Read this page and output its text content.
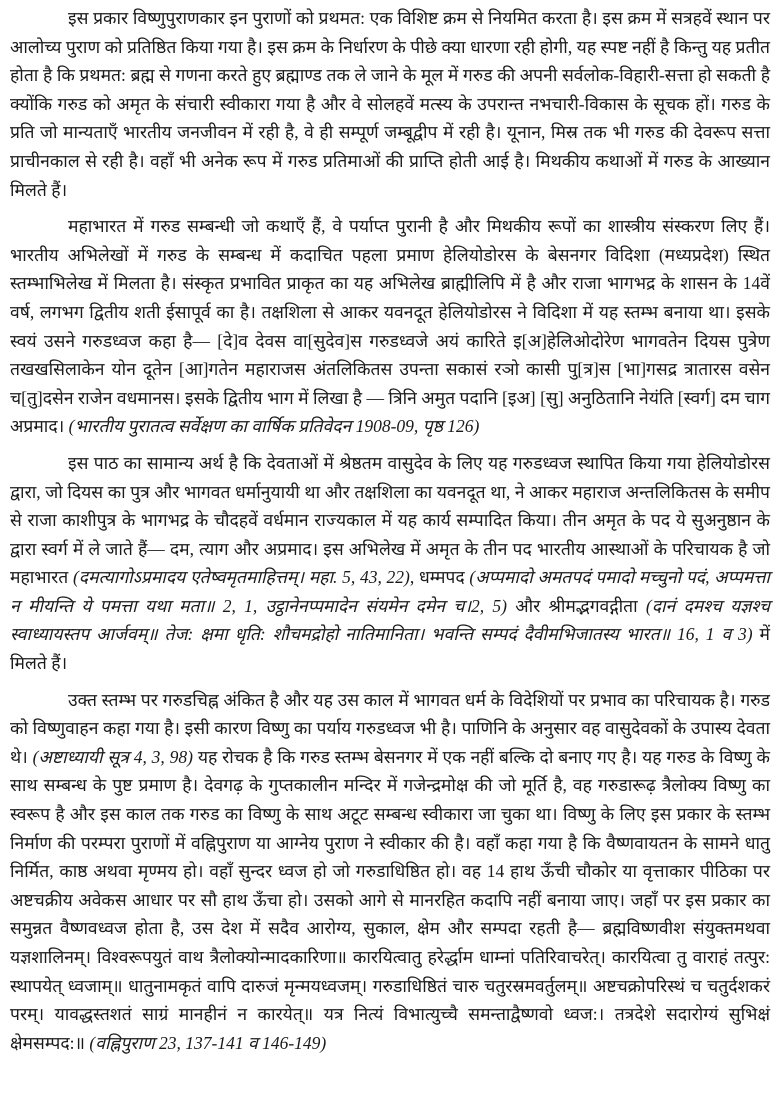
इस प्रकार विष्णुपुराणकार इन पुराणों को प्रथमत: एक विशिष्ट क्रम से नियमित करता है। इस क्रम में सत्रहवें स्थान पर आलोच्य पुराण को प्रतिष्ठित किया गया है। इस क्रम के निर्धारण के पीछे क्या धारणा रही होगी, यह स्पष्ट नहीं है किन्तु यह प्रतीत होता है कि प्रथमत: ब्रह्म से गणना करते हुए ब्रह्माण्ड तक ले जाने के मूल में गरुड की अपनी सर्वलोक-विहारी-सत्ता हो सकती है क्योंकि गरुड को अमृत के संचारी स्वीकारा गया है और वे सोलहवें मत्स्य के उपरान्त नभचारी-विकास के सूचक हों। गरुड के प्रति जो मान्यताएँ भारतीय जनजीवन में रही है, वे ही सम्पूर्ण जम्बूद्वीप में रही है। यूनान, मिस्र तक भी गरुड की देवरूप सत्ता प्राचीनकाल से रही है। वहाँ भी अनेक रूप में गरुड प्रतिमाओं की प्राप्ति होती आई है। मिथकीय कथाओं में गरुड के आख्यान मिलते हैं।

महाभारत में गरुड सम्बन्धी जो कथाएँ हैं, वे पर्याप्त पुरानी है और मिथकीय रूपों का शास्त्रीय संस्करण लिए हैं। भारतीय अभिलेखों में गरुड के सम्बन्ध में कदाचित पहला प्रमाण हेलियोडोरस के बेसनगर विदिशा (मध्यप्रदेश) स्थित स्तम्भाभिलेख में मिलता है। संस्कृत प्रभावित प्राकृत का यह अभिलेख ब्राह्मीलिपि में है और राजा भागभद्र के शासन के 14वें वर्ष, लगभग द्वितीय शती ईसापूर्व का है। तक्षशिला से आकर यवनदूत हेलियोडोरस ने विदिशा में यह स्तम्भ बनाया था। इसके स्वयं उसने गरुडध्वज कहा है— [दे]व देवस वा[सुदेव]स गरुडध्वजे अयं कारिते इ[अ]हेलिओदोरेण भागवतेन दियस पुत्रेण तखखसिलाकेन योन दूतेन [आ]गतेन महाराजस अंतलिकितस उपन्ता सकासं रञो कासी पु[त्र]स [भा]गसद्र त्रातारस वसेन च[तु]दसेन राजेन वधमानस। इसके द्वितीय भाग में लिखा है — त्रिनि अमुत पदानि [इअ] [सु] अनुठितानि नेयंति [स्वर्ग] दम चाग अप्रमाद। (भारतीय पुरातत्व सर्वेक्षण का वार्षिक प्रतिवेदन 1908-09, पृष्ठ 126)

इस पाठ का सामान्य अर्थ है कि देवताओं में श्रेष्ठतम वासुदेव के लिए यह गरुडध्वज स्थापित किया गया हेलियोडोरस द्वारा, जो दियस का पुत्र और भागवत धर्मानुयायी था और तक्षशिला का यवनदूत था, ने आकर महाराज अन्तलिकितस के समीप से राजा काशीपुत्र के भागभद्र के चौदहवें वर्धमान राज्यकाल में यह कार्य सम्पादित किया। तीन अमृत के पद ये सुअनुष्ठान के द्वारा स्वर्ग में ले जाते हैं— दम, त्याग और अप्रमाद। इस अभिलेख में अमृत के तीन पद भारतीय आस्थाओं के परिचायक है जो महाभारत (दमत्यागोऽप्रमादय एतेष्वमृतमाहित्तम्। महा. 5, 43, 22), धम्मपद (अप्पमादो अमतपदं पमादो मच्चुनो पदं, अप्पमत्ता न मीयन्ति ये पमत्ता यथा मता॥ 2, 1, उट्ठानेनप्पमादेन संयमेन दमेन च।2, 5) और श्रीमद्भगवद्गीता (दानं दमश्च यज्ञश्च स्वाध्यायस्तप आर्जवम्॥ तेज: क्षमा धृति: शौचमद्रोहो नातिमानिता। भवन्ति सम्पदं दैवीमभिजातस्य भारत॥ 16, 1 व 3) में मिलते हैं।

उक्त स्तम्भ पर गरुडचिह्न अंकित है और यह उस काल में भागवत धर्म के विदेशियों पर प्रभाव का परिचायक है। गरुड को विष्णुवाहन कहा गया है। इसी कारण विष्णु का पर्याय गरुडध्वज भी है। पाणिनि के अनुसार वह वासुदेवकों के उपास्य देवता थे। (अष्टाध्यायी सूत्र 4, 3, 98) यह रोचक है कि गरुड स्तम्भ बेसनगर में एक नहीं बल्कि दो बनाए गए है। यह गरुड के विष्णु के साथ सम्बन्ध के पुष्ट प्रमाण है। देवगढ़ के गुप्तकालीन मन्दिर में गजेन्द्रमोक्ष की जो मूर्ति है, वह गरुडारूढ़ त्रैलोक्य विष्णु का स्वरूप है और इस काल तक गरुड का विष्णु के साथ अटूट सम्बन्ध स्वीकारा जा चुका था। विष्णु के लिए इस प्रकार के स्तम्भ निर्माण की परम्परा पुराणों में वह्निपुराण या आग्नेय पुराण ने स्वीकार की है। वहाँ कहा गया है कि वैष्णवायतन के सामने धातु निर्मित, काष्ठ अथवा मृण्मय हो। वहाँ सुन्दर ध्वज हो जो गरुडाधिष्ठित हो। वह 14 हाथ ऊँची चौकोर या वृत्ताकार पीठिका पर अष्टचक्रीय अवेकस आधार पर सौ हाथ ऊँचा हो। उसको आगे से मानरहित कदापि नहीं बनाया जाए। जहाँ पर इस प्रकार का समुन्नत वैष्णवध्वज होता है, उस देश में सदैव आरोग्य, सुकाल, क्षेम और सम्पदा रहती है— ब्रह्मविष्णवीश संयुक्तमथवा यज्ञशालिनम्। विश्वरूपयुतं वाथ त्रैलोक्योन्मादकारिणा॥ कारयित्वातु हरेर्द्धाम धाम्नां पतिरिवाचरेत्। कारयित्वा तु वाराहं तत्पुर: स्थापयेत् ध्वजाम्॥ धातुनामकृतं वापि दारुजं मृन्मयध्वजम्। गरुडाधिष्ठितं चारु चतुरस्रमवर्तुलम्॥ अष्टचक्रोपरिस्थं च चतुर्दशकरं परम्। यावद्धस्तशतं साग्रं मानहीनं न कारयेत्॥ यत्र नित्यं विभात्युच्चै समन्ताद्वैष्णवो ध्वज:। तत्रदेशे सदारोग्यं सुभिक्षं क्षेमसम्पद:॥ (वह्निपुराण 23, 137-141 व 146-149)
